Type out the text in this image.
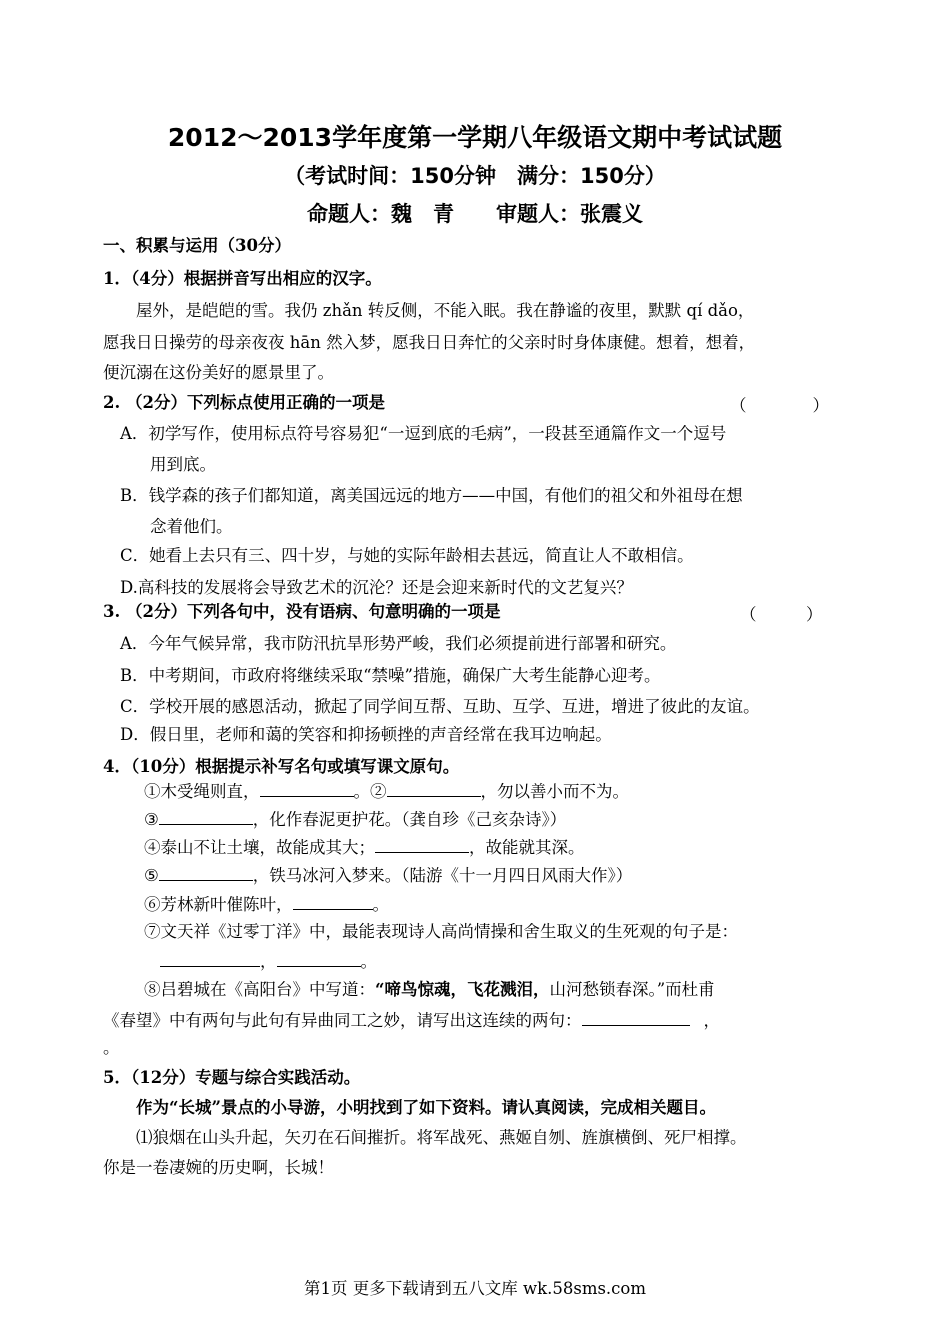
2012～2013学年度第一学期八年级语文期中考试试题
（考试时间：150分钟　满分：150分）
命题人：魏　青　　审题人：张震义
一、积累与运用（30分）
1．（4分）根据拼音写出相应的汉字。
屋外，是皑皑的雪。我仍 zhǎn 转反侧，不能入眠。我在静谧的夜里，默默 qí dǎo，
愿我日日操劳的母亲夜夜 hān 然入梦，愿我日日奔忙的父亲时时身体康健。想着，想着，
便沉溺在这份美好的愿景里了。
2. （2分）下列标点使用正确的一项是	（　　　　）
A．初学写作，使用标点符号容易犯“一逗到底的毛病”，一段甚至通篇作文一个逗号
用到底。
B．钱学森的孩子们都知道，离美国远远的地方——中国，有他们的祖父和外祖母在想
念着他们。
C．她看上去只有三、四十岁，与她的实际年龄相去甚远，简直让人不敢相信。
D.高科技的发展将会导致艺术的沉沦？还是会迎来新时代的文艺复兴？
3. （2分）下列各句中，没有语病、句意明确的一项是	（　　　）
A．今年气候异常，我市防汛抗旱形势严峻，我们必须提前进行部署和研究。
B．中考期间，市政府将继续采取“禁噪”措施，确保广大考生能静心迎考。
C．学校开展的感恩活动，掀起了同学间互帮、互助、互学、互进，增进了彼此的友谊。
D．假日里，老师和蔼的笑容和抑扬顿挫的声音经常在我耳边响起。
4．（10分）根据提示补写名句或填写课文原句。
①木受绳则直，	。②	，勿以善小而不为。
③	，化作春泥更护花。（龚自珍《己亥杂诗》）
④泰山不让土壤，故能成其大；	，故能就其深。
⑤	，铁马冰河入梦来。（陆游《十一月四日风雨大作》）
⑥芳林新叶催陈叶，	。
⑦文天祥《过零丁洋》中，最能表现诗人高尚情操和舍生取义的生死观的句子是：
，	。
⑧吕碧城在《高阳台》中写道：“啼鸟惊魂，飞花溅泪，山河愁锁春深。”而杜甫
《春望》中有两句与此句有异曲同工之妙，请写出这连续的两句：	，
。
5．（12分）专题与综合实践活动。
作为“长城”景点的小导游，小明找到了如下资料。请认真阅读，完成相关题目。
⑴狼烟在山头升起，矢刃在石间摧折。将军战死、燕姬自刎、旌旗横倒、死尸相撑。
你是一卷凄婉的历史啊，长城！
第1页 更多下载请到五八文库 wk.58sms.com
